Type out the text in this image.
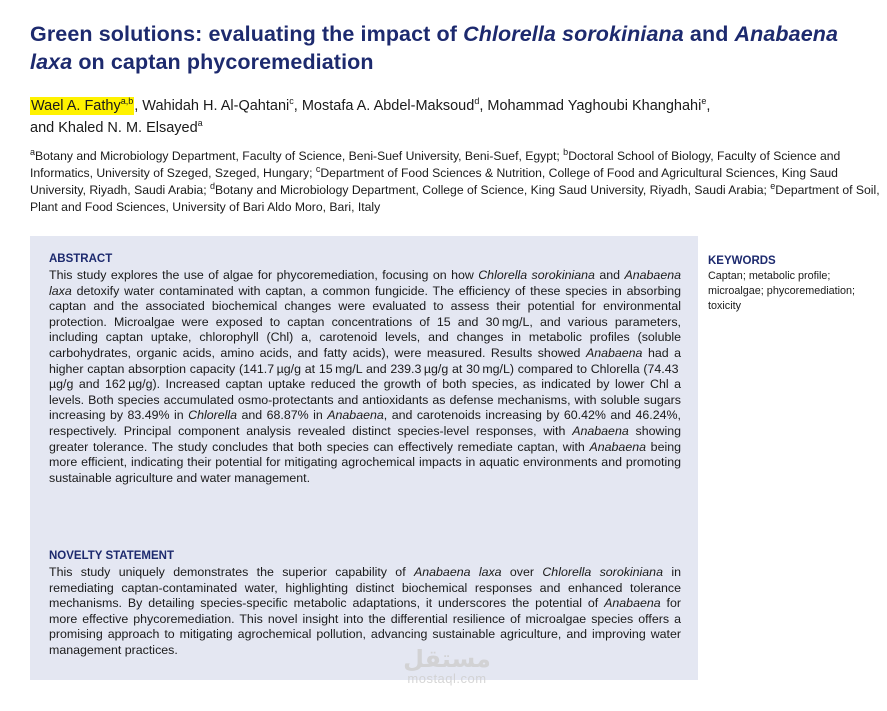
Green solutions: evaluating the impact of Chlorella sorokiniana and Anabaena laxa on captan phycoremediation
Wael A. Fathy$^{a,b}$, Wahidah H. Al-Qahtani$^c$, Mostafa A. Abdel-Maksoud$^d$, Mohammad Yaghoubi Khanghahi$^e$,
and Khaled N. M. Elsayed$^a$
$^a$Botany and Microbiology Department, Faculty of Science, Beni-Suef University, Beni-Suef, Egypt; $^b$Doctoral School of Biology, Faculty of Science and Informatics, University of Szeged, Szeged, Hungary; $^c$Department of Food Sciences & Nutrition, College of Food and Agricultural Sciences, King Saud University, Riyadh, Saudi Arabia; $^d$Botany and Microbiology Department, College of Science, King Saud University, Riyadh, Saudi Arabia; $^e$Department of Soil, Plant and Food Sciences, University of Bari Aldo Moro, Bari, Italy
ABSTRACT
This study explores the use of algae for phycoremediation, focusing on how Chlorella sorokiniana and Anabaena laxa detoxify water contaminated with captan, a common fungicide. The efficiency of these species in absorbing captan and the associated biochemical changes were evaluated to assess their potential for environmental protection. Microalgae were exposed to captan concentrations of 15 and 30 mg/L, and various parameters, including captan uptake, chlorophyll (Chl) a, carotenoid levels, and changes in metabolic profiles (soluble carbohydrates, organic acids, amino acids, and fatty acids), were measured. Results showed Anabaena had a higher captan absorption capacity (141.7 µg/g at 15 mg/L and 239.3 µg/g at 30 mg/L) compared to Chlorella (74.43 µg/g and 162 µg/g). Increased captan uptake reduced the growth of both species, as indicated by lower Chl a levels. Both species accumulated osmo-protectants and antioxidants as defense mechanisms, with soluble sugars increasing by 83.49% in Chlorella and 68.87% in Anabaena, and carotenoids increasing by 60.42% and 46.24%, respectively. Principal component analysis revealed distinct species-level responses, with Anabaena showing greater tolerance. The study concludes that both species can effectively remediate captan, with Anabaena being more efficient, indicating their potential for mitigating agrochemical impacts in aquatic environments and promoting sustainable agriculture and water management.
NOVELTY STATEMENT
This study uniquely demonstrates the superior capability of Anabaena laxa over Chlorella sorokiniana in remediating captan-contaminated water, highlighting distinct biochemical responses and enhanced tolerance mechanisms. By detailing species-specific metabolic adaptations, it underscores the potential of Anabaena for more effective phycoremediation. This novel insight into the differential resilience of microalgae species offers a promising approach to mitigating agrochemical pollution, advancing sustainable agriculture, and improving water management practices.
KEYWORDS
Captan; metabolic profile; microalgae; phycoremediation; toxicity
مستقل
mostaql.com
